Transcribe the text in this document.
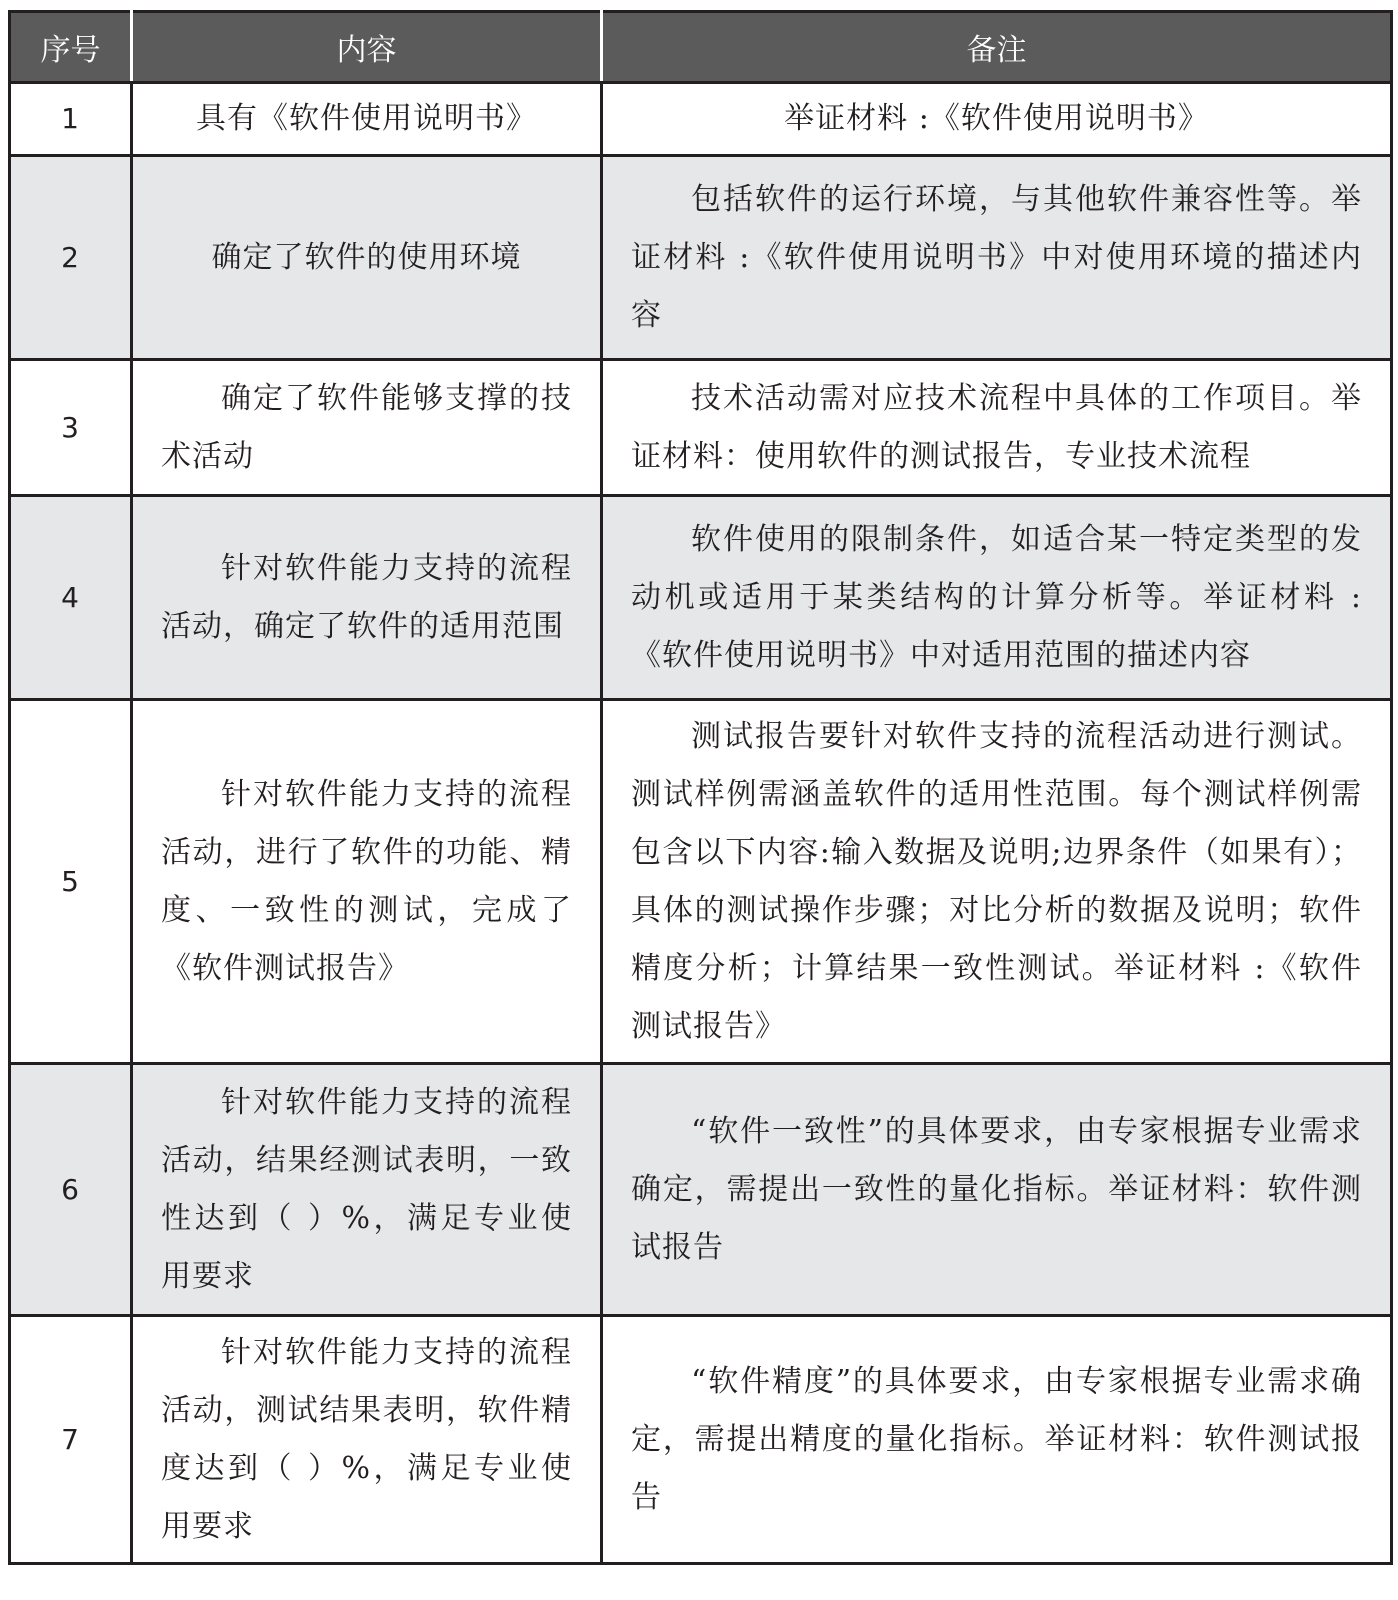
序号	内容	备注
1	具有《软件使用说明书》	举证材料 :《软件使用说明书》
2	确定了软件的使用环境	包括软件的运行环境，与其他软件兼容性等。举证材料 :《软件使用说明书》中对使用环境的描述内容
3	确定了软件能够支撑的技术活动	技术活动需对应技术流程中具体的工作项目。举证材料：使用软件的测试报告，专业技术流程
4	针对软件能力支持的流程活动，确定了软件的适用范围	软件使用的限制条件，如适合某一特定类型的发动机或适用于某类结构的计算分析等。举证材料 :《软件使用说明书》中对适用范围的描述内容
5	针对软件能力支持的流程活动，进行了软件的功能、精度、一致性的测试，完成了《软件测试报告》	测试报告要针对软件支持的流程活动进行测试。测试样例需涵盖软件的适用性范围。每个测试样例需包含以下内容:输入数据及说明;边界条件（如果有）；具体的测试操作步骤；对比分析的数据及说明；软件精度分析；计算结果一致性测试。举证材料 :《软件测试报告》
6	针对软件能力支持的流程活动，结果经测试表明，一致性达到（ ）%，满足专业使用要求	“软件一致性”的具体要求，由专家根据专业需求确定，需提出一致性的量化指标。举证材料：软件测试报告
7	针对软件能力支持的流程活动，测试结果表明，软件精度达到（ ）%，满足专业使用要求	“软件精度”的具体要求，由专家根据专业需求确定，需提出精度的量化指标。举证材料：软件测试报告
